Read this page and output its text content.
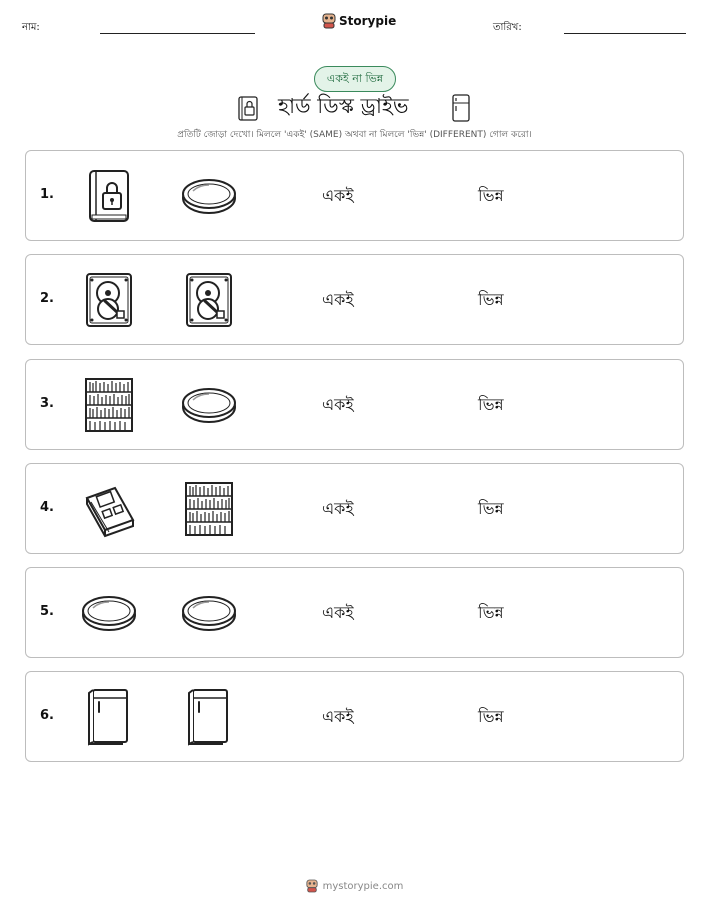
নাম:	Storypie	তারিখ:
একই না ভিন্ন
হার্ড ডিস্ক ড্রাইভ
প্রতিটি জোড়া দেখো। মিললে 'একই' (SAME) অথবা না মিললে 'ভিন্ন' (DIFFERENT) গোল করো।
1.	একই	ভিন্ন
2.	একই	ভিন্ন
3.	একই	ভিন্ন
4.	একই	ভিন্ন
5.	একই	ভিন্ন
6.	একই	ভিন্ন
mystorypie.com
